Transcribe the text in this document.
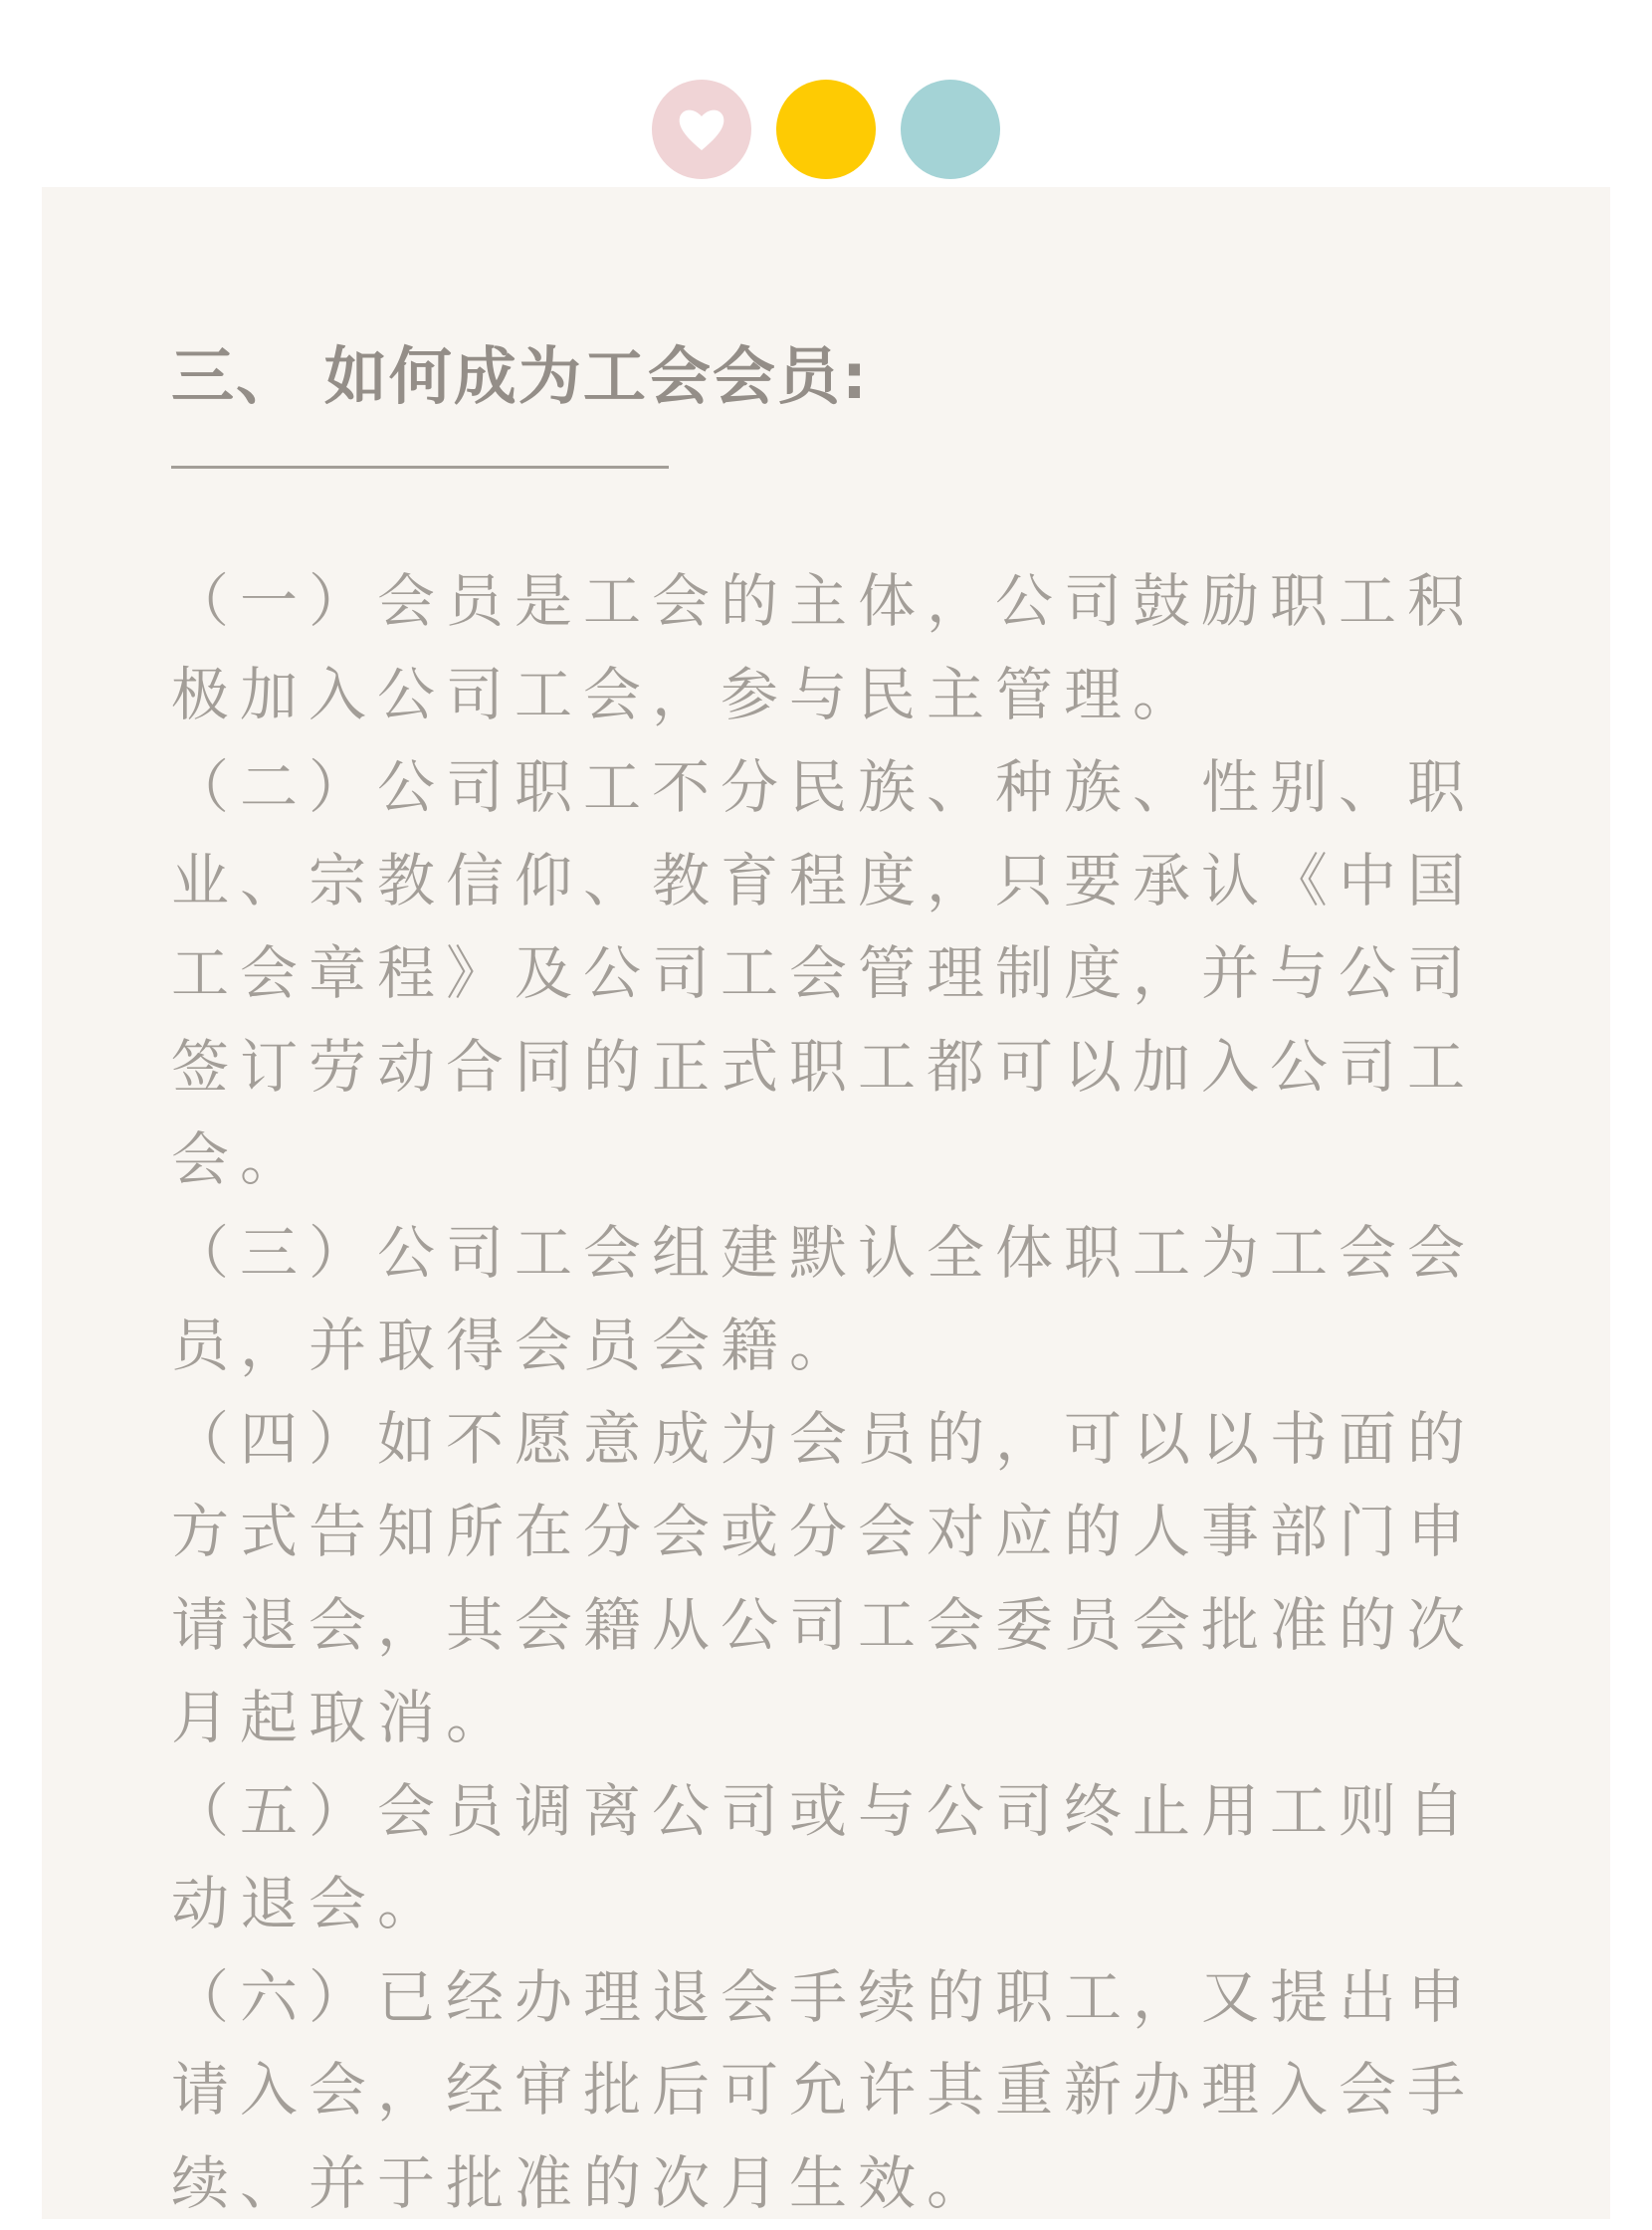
三、 如何成为工会会员:

（一）会员是工会的主体，公司鼓励职工积极加入公司工会，参与民主管理。

（二）公司职工不分民族、种族、性别、职业、宗教信仰、教育程度，只要承认《中国工会章程》及公司工会管理制度，并与公司签订劳动合同的正式职工都可以加入公司工会。

（三）公司工会组建默认全体职工为工会会员，并取得会员会籍。

（四）如不愿意成为会员的，可以以书面的方式告知所在分会或分会对应的人事部门申请退会，其会籍从公司工会委员会批准的次月起取消。

（五）会员调离公司或与公司终止用工则自动退会。

（六）已经办理退会手续的职工，又提出申请入会，经审批后可允许其重新办理入会手续、并于批准的次月生效。
